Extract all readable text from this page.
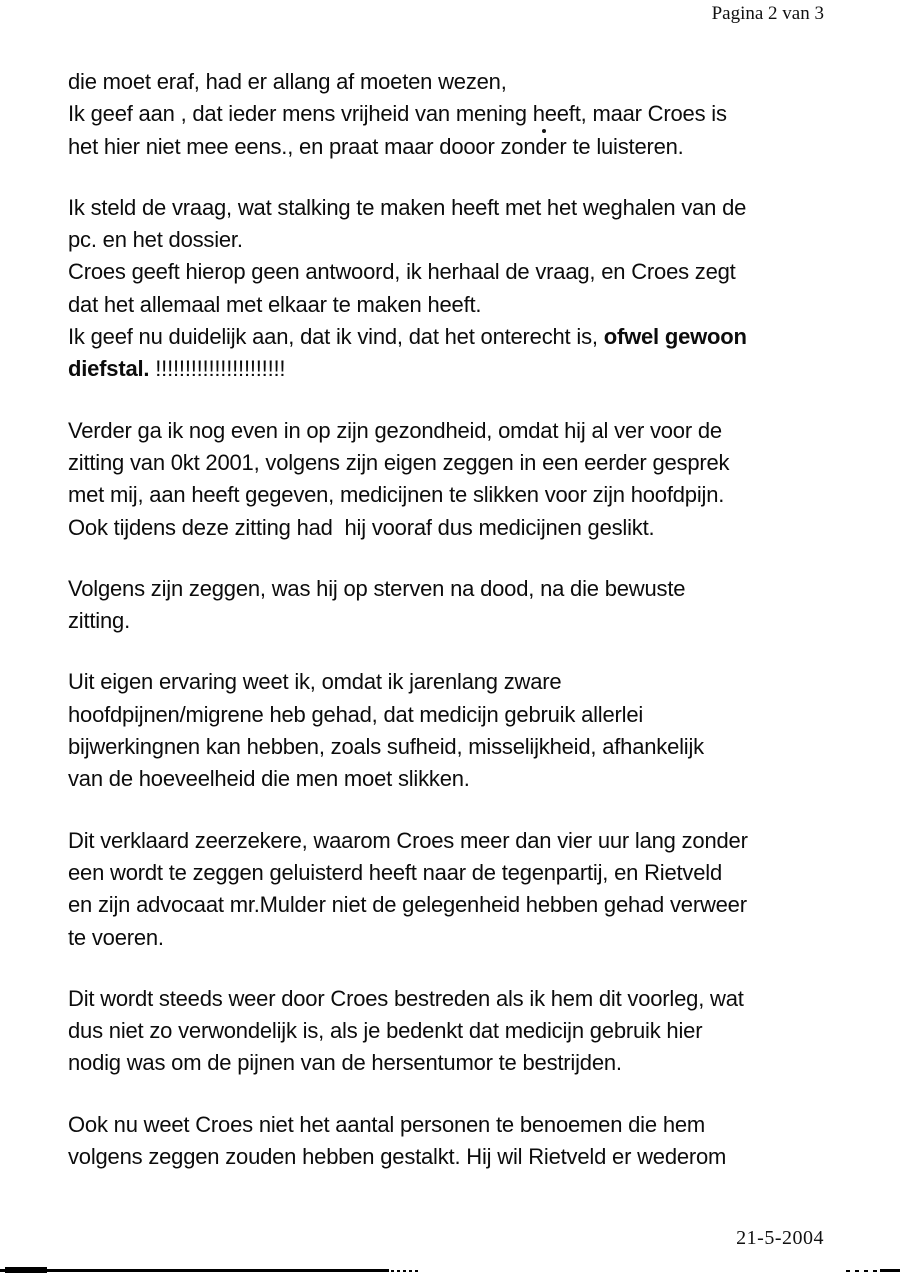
Pagina 2 van 3
die moet eraf, had er allang af moeten wezen,
Ik geef aan , dat ieder mens vrijheid van mening heeft, maar Croes is
het hier niet mee eens., en praat maar dooor zonder te luisteren.
Ik steld de vraag, wat stalking te maken heeft met het weghalen van de
pc. en het dossier.
Croes geeft hierop geen antwoord, ik herhaal de vraag, en Croes zegt
dat het allemaal met elkaar te maken heeft.
Ik geef nu duidelijk aan, dat ik vind, dat het onterecht is, ofwel gewoon
diefstal. !!!!!!!!!!!!!!!!!!!!!!
Verder ga ik nog even in op zijn gezondheid, omdat hij al ver voor de
zitting van 0kt 2001, volgens zijn eigen zeggen in een eerder gesprek
met mij, aan heeft gegeven, medicijnen te slikken voor zijn hoofdpijn.
Ook tijdens deze zitting had  hij vooraf dus medicijnen geslikt.
Volgens zijn zeggen, was hij op sterven na dood, na die bewuste
zitting.
Uit eigen ervaring weet ik, omdat ik jarenlang zware
hoofdpijnen/migrene heb gehad, dat medicijn gebruik allerlei
bijwerkingnen kan hebben, zoals sufheid, misselijkheid, afhankelijk
van de hoeveelheid die men moet slikken.
Dit verklaard zeerzekere, waarom Croes meer dan vier uur lang zonder
een wordt te zeggen geluisterd heeft naar de tegenpartij, en Rietveld
en zijn advocaat mr.Mulder niet de gelegenheid hebben gehad verweer
te voeren.
Dit wordt steeds weer door Croes bestreden als ik hem dit voorleg, wat
dus niet zo verwondelijk is, als je bedenkt dat medicijn gebruik hier
nodig was om de pijnen van de hersentumor te bestrijden.
Ook nu weet Croes niet het aantal personen te benoemen die hem
volgens zeggen zouden hebben gestalkt. Hij wil Rietveld er wederom
21-5-2004
